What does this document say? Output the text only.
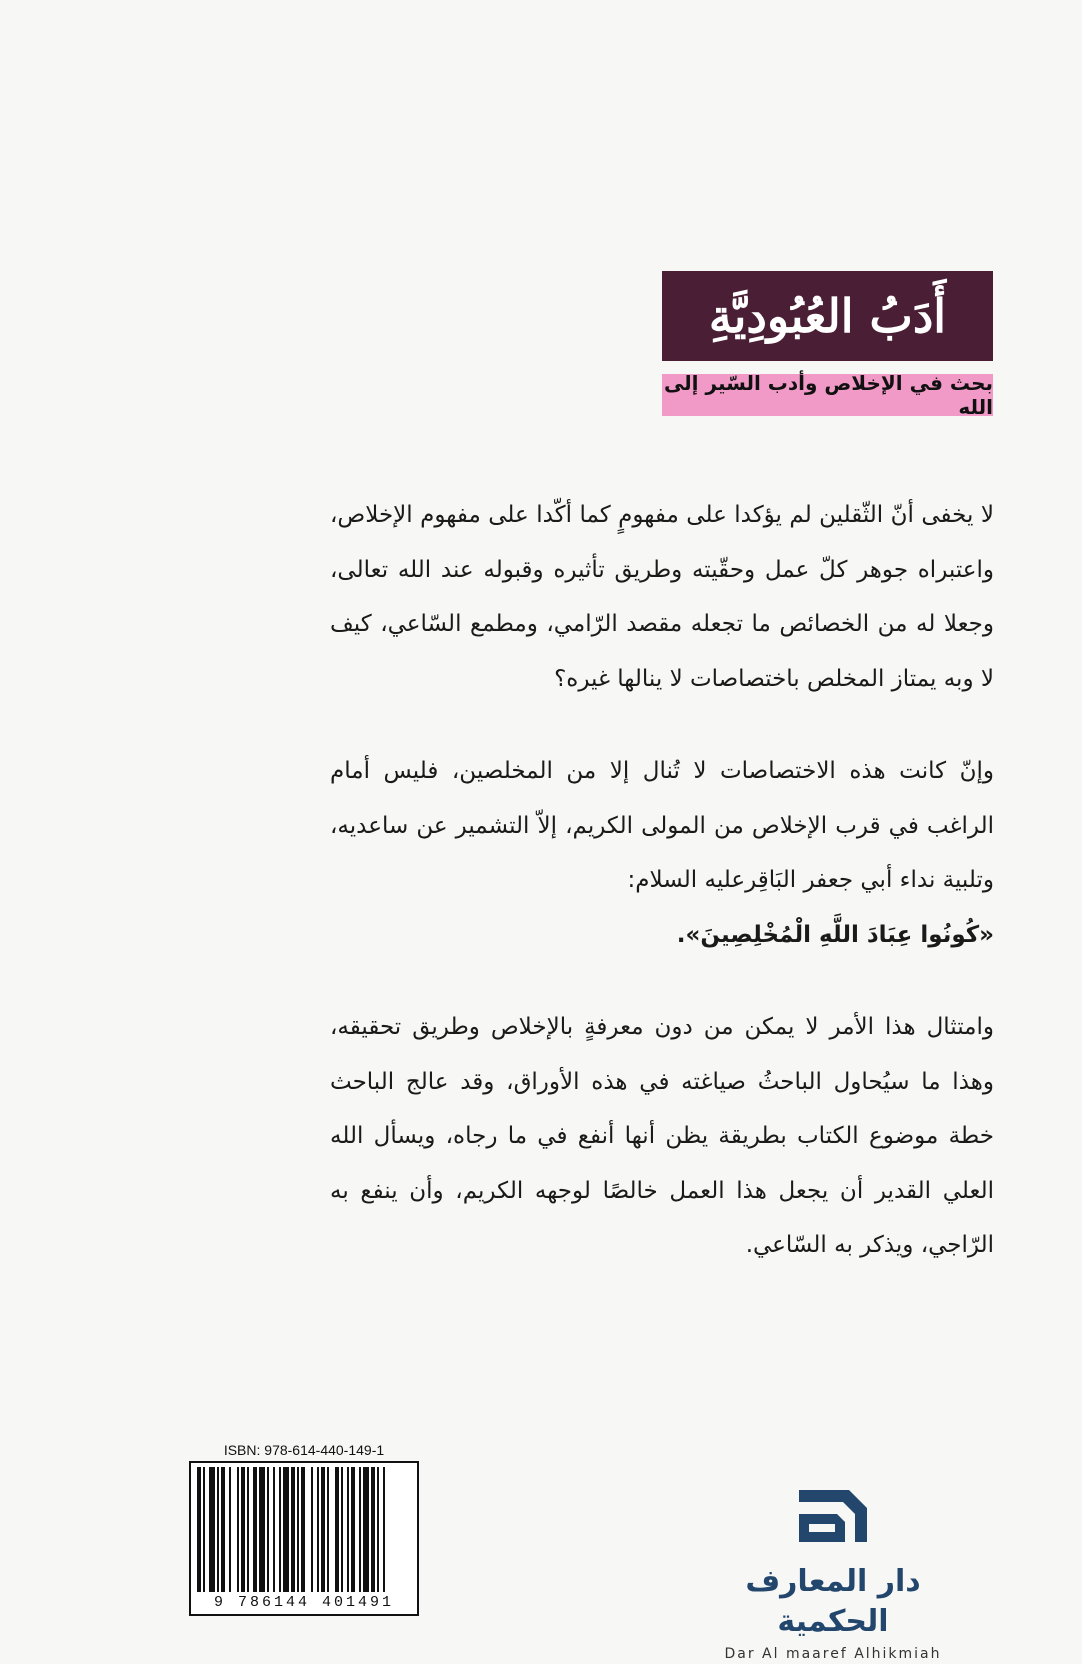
أَدَبُ العُبُودِيَّةِ
بحث في الإخلاص وأدب السّير إلى الله

لا يخفى أنّ الثّقلين لم يؤكدا على مفهومٍ كما أكّدا على مفهوم الإخلاص، واعتبراه جوهر كلّ عمل وحقّيته وطريق تأثيره وقبوله عند الله تعالى، وجعلا له من الخصائص ما تجعله مقصد الرّامي، ومطمع السّاعي، كيف لا وبه يمتاز المخلص باختصاصات لا ينالها غيره؟

وإنّ كانت هذه الاختصاصات لا تُنال إلا من المخلصين، فليس أمام الراغب في قرب الإخلاص من المولى الكريم، إلاّ التشمير عن ساعديه، وتلبية نداء أبي جعفر البَاقِرعليه السلام:
«كُونُوا عِبَادَ اللَّهِ الْمُخْلِصِينَ».

وامتثال هذا الأمر لا يمكن من دون معرفةٍ بالإخلاص وطريق تحقيقه، وهذا ما سيُحاول الباحثُ صياغته في هذه الأوراق، وقد عالج الباحث خطة موضوع الكتاب بطريقة يظن أنها أنفع في ما رجاه، ويسأل الله العلي القدير أن يجعل هذا العمل خالصًا لوجهه الكريم، وأن ينفع به الرّاجي، ويذكر به السّاعي.

ISBN: 978-614-440-149-1
9 786144 401491
دار المعارف الحكمية
Dar Al maaref Alhikmiah
